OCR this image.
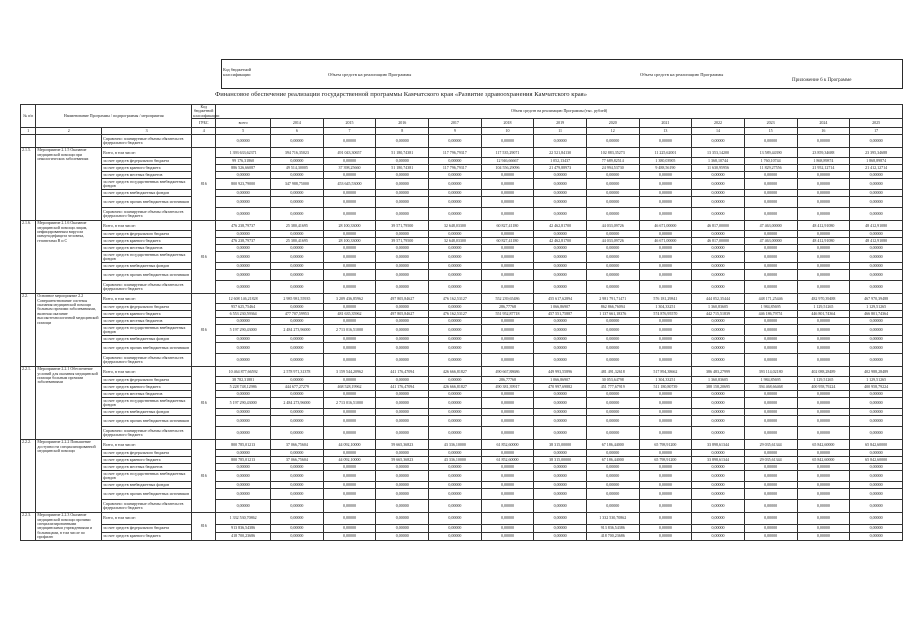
Код бюджетной классификации	Объем средств на реализацию Программы	Объем средств на реализацию Программы
Приложение 6 к Программе
Финансовое обеспечение реализации государственной программы Камчатского края «Развитие здравоохранения Камчатского края»
№ п/п	Наименование Программы / подпрограммы / мероприятия		Код бюджетной классификации	Объем средств на реализацию Программы (тыс. рублей)												
			ГРБС	всего	2014	2015	2016	2017	2018	2019	2020	2021	2022	2023	2024	2025
1	2	3	4	5	6	7	8	9	10	11	12	13	14	15	16	17
		Справочно: планируемые объемы обязательств федерального бюджета		0,00000	0,00000	0,00000	0,00000	0,00000	0,00000	0,00000	0,00000	0,00000	0,00000	0,00000	0,00000	0,00000
2.1.5.	Мероприятие 2.1.5 Оказание медицинской помощи при онкологических заболеваниях	Всего, в том числе:	816	1 393 633,62371	394 716,35023	491 043,30657	51 180,74381	117 796,79317	117 535,29071	22 521,84130	102 883,35273	11 225,62001	13 353,14200	13 589,44390	23 859,34688	23 395,34688
		за счет средств федерального бюджета		99 176,31860	0,00000	0,00000	0,00000	0,00000	12 946,66667	1 052,13437	77 689,82514	1 380,03905	1 368,10744	1 760,10744	1 868,89874	1 868,89874
		за счет средств краевого бюджета		886 526,66087	49 514,30005	37 398,25660	51 180,74381	117 796,79317	104 556,29096	21 479,88973	24 994,53730	9 488,56190	11 630,95956	11 829,27556	21 952,12714	21 412,12714
		за счет средств местных бюджетов		0,00000	0,00000	0,00000	0,00000	0,00000	0,00000	0,00000	0,00000	0,00000	0,00000	0,00000	0,00000	0,00000
		за счет средств государственных внебюджетных фондов		800 923,79000	347 988,75000	453 645,53000	0,00000	0,00000	0,00000	0,00000	0,00000	0,00000	0,00000	0,00000	0,00000	0,00000
		за счет средств внебюджетных фондов		0,00000	0,00000	0,00000	0,00000	0,00000	0,00000	0,00000	0,00000	0,00000	0,00000	0,00000	0,00000	0,00000
		за счет средств прочих внебюджетных источников		0,00000	0,00000	0,00000	0,00000	0,00000	0,00000	0,00000	0,00000	0,00000	0,00000	0,00000	0,00000	0,00000
		Справочно: планируемые объемы обязательств федерального бюджета		0,00000	0,00000	0,00000	0,00000	0,00000	0,00000	0,00000	0,00000	0,00000	0,00000	0,00000	0,00000	0,00000
2.1.6.	Мероприятие 2.1.6 Оказание медицинской помощи лицам, инфицированным вирусом иммунодефицита человека, гепатитами В и С	Всего, в том числе:	816	476 238,79737	25 380,41695	28 100,33000	39 571,79500	32 648,03300	60 827,41180	42 462,81700	44 033,09726	46 671,00000	46 817,00000	47 463,00000	48 412,91080	48 412,91080
		за счет средств федерального бюджета		0,00000	0,00000	0,00000	0,00000	0,00000	0,00000	0,00000	0,00000	0,00000	0,00000	0,00000	0,00000	0,00000
		за счет средств краевого бюджета		476 238,79737	25 380,41695	28 100,33000	39 571,79500	32 648,03300	60 827,41180	42 462,81700	44 033,09726	46 671,00000	46 817,00000	47 463,00000	48 412,91080	48 412,91080
		за счет средств местных бюджетов		0,00000	0,00000	0,00000	0,00000	0,00000	0,00000	0,00000	0,00000	0,00000	0,00000	0,00000	0,00000	0,00000
		за счет средств государственных внебюджетных фондов		0,00000	0,00000	0,00000	0,00000	0,00000	0,00000	0,00000	0,00000	0,00000	0,00000	0,00000	0,00000	0,00000
		за счет средств внебюджетных фондов		0,00000	0,00000	0,00000	0,00000	0,00000	0,00000	0,00000	0,00000	0,00000	0,00000	0,00000	0,00000	0,00000
		за счет средств прочих внебюджетных источников		0,00000	0,00000	0,00000	0,00000	0,00000	0,00000	0,00000	0,00000	0,00000	0,00000	0,00000	0,00000	0,00000
		Справочно: планируемые объемы обязательств федерального бюджета		0,00000	0,00000	0,00000	0,00000	0,00000	0,00000	0,00000	0,00000	0,00000	0,00000	0,00000	0,00000	0,00000
2.2.	Основное мероприятие 2.2 Совершенствование системы оказания медицинской помощи больным прочими заболеваниями, включая оказание высокотехнологичной медицинской помощи	Всего, в том числе:	816	12 608 146,21828	2 985 981,55935	3 209 436,85962	497 805,84627	476 162,53127	552 239,65486	455 617,62894	2 981 791,71471	576 181,29841	444 052,35444	448 171,25446	482 970,39488	467 970,39488
		за счет средств федерального бюджета		957 625,75464	0,00000	0,00000	0,00000	0,00000	286,77768	1 066,86907	862 866,76094	1 304,33251	1 360,83605	1 984,85695	1 129,51265	1 129,51265
		за счет средств краевого бюджета		6 553 230,59364	477 707,59953	481 635,35962	497 805,84627	476 162,53127	551 952,87718	457 551,75887	1 137 661,18376	574 876,95570	442 715,51839	446 186,79751	446 801,74364	466 801,74364
		за счет средств местных бюджетов		0,00000	0,00000	0,00000	0,00000	0,00000	0,00000	0,00000	0,00000	0,00000	0,00000	0,00000	0,00000	0,00000
		за счет средств государственных внебюджетных фондов		5 197 290,43000	2 484 273,96000	2 713 016,51000	0,00000	0,00000	0,00000	0,00000	0,00000	0,00000	0,00000	0,00000	0,00000	0,00000
		за счет средств внебюджетных фондов		0,00000	0,00000	0,00000	0,00000	0,00000	0,00000	0,00000	0,00000	0,00000	0,00000	0,00000	0,00000	0,00000
		за счет средств прочих внебюджетных источников		0,00000	0,00000	0,00000	0,00000	0,00000	0,00000	0,00000	0,00000	0,00000	0,00000	0,00000	0,00000	0,00000
		Справочно: планируемые объемы обязательств федерального бюджета		0,00000	0,00000	0,00000	0,00000	0,00000	0,00000	0,00000	0,00000	0,00000	0,00000	0,00000	0,00000	0,00000
2.2.1.	Мероприятие 2.2.1 Обеспечение условий для оказания медицинской помощи больным прочими заболеваниями	Всего, в том числе:	816	10 464 877,66592	2 578 971,31378	3 159 544,20962	441 176,47094	426 666,81827	490 667,88686	449 993,55896	481 491,32618	517 894,38662	386 483,27999	393 114,02180	402 088,28489	402 988,28489
		за счет средств федерального бюджета		38 782,31881	0,00000	0,00000	0,00000	0,00000	286,77768	1 066,86907	30 053,64798	1 304,33251	1 360,83605	1 984,85695	1 129,51265	1 129,51265
		за счет средств краевого бюджета		5 228 748,12986	444 677,27279	468 528,19962	441 176,47094	426 666,81827	490 381,39917	470 997,69882	451 777,67919	511 180,80739	388 158,20695	394 468,66468	400 958,79224	400 958,79224
		за счет средств местных бюджетов		0,00000	0,00000	0,00000	0,00000	0,00000	0,00000	0,00000	0,00000	0,00000	0,00000	0,00000	0,00000	0,00000
		за счет средств государственных внебюджетных фондов		5 197 290,43000	2 484 273,96000	2 713 016,51000	0,00000	0,00000	0,00000	0,00000	0,00000	0,00000	0,00000	0,00000	0,00000	0,00000
		за счет средств внебюджетных фондов		0,00000	0,00000	0,00000	0,00000	0,00000	0,00000	0,00000	0,00000	0,00000	0,00000	0,00000	0,00000	0,00000
		за счет средств прочих внебюджетных источников		0,00000	0,00000	0,00000	0,00000	0,00000	0,00000	0,00000	0,00000	0,00000	0,00000	0,00000	0,00000	0,00000
		Справочно: планируемые объемы обязательств федерального бюджета		0,00000	0,00000	0,00000	0,00000	0,00000	0,00000	0,00000	0,00000	0,00000	0,00000	0,00000	0,00000	0,00000
2.2.2.	Мероприятие 2.2.2 Повышение доступности специализированной медицинской помощи	Всего, в том числе:	816	800 785,01213	37 066,75604	44 092,10000	59 665,36823	43 336,10000	61 852,60000	38 315,00000	67 186,44000	65 798,91200	33 898,61344	29 035,61344	65 842,60000	65 842,60000
		за счет средств федерального бюджета		0,00000	0,00000	0,00000	0,00000	0,00000	0,00000	0,00000	0,00000	0,00000	0,00000	0,00000	0,00000	0,00000
		за счет средств краевого бюджета		800 785,01213	37 066,75604	44 092,10000	59 665,36823	43 336,10000	61 852,60000	38 315,00000	67 186,44000	65 798,91200	33 898,61344	29 035,61344	65 842,60000	65 842,60000
		за счет средств местных бюджетов		0,00000	0,00000	0,00000	0,00000	0,00000	0,00000	0,00000	0,00000	0,00000	0,00000	0,00000	0,00000	0,00000
		за счет средств государственных внебюджетных фондов		0,00000	0,00000	0,00000	0,00000	0,00000	0,00000	0,00000	0,00000	0,00000	0,00000	0,00000	0,00000	0,00000
		за счет средств внебюджетных фондов		0,00000	0,00000	0,00000	0,00000	0,00000	0,00000	0,00000	0,00000	0,00000	0,00000	0,00000	0,00000	0,00000
		за счет средств прочих внебюджетных источников		0,00000	0,00000	0,00000	0,00000	0,00000	0,00000	0,00000	0,00000	0,00000	0,00000	0,00000	0,00000	0,00000
		Справочно: планируемые объемы обязательств федерального бюджета		0,00000	0,00000	0,00000	0,00000	0,00000	0,00000	0,00000	0,00000	0,00000	0,00000	0,00000	0,00000	0,00000
2.2.3.	Мероприятие 2.2.3 Оказание медицинской помощи прочими специализированными медицинскими учреждениями и больницами, в том числе по профилю	Всего, в том числе:	816	1 332 530,70862	0,00000	0,00000	0,00000	0,00000	0,00000	0,00000	1 332 530,70862	0,00000	0,00000	0,00000	0,00000	0,00000
		за счет средств федерального бюджета		913 836,54386	0,00000	0,00000	0,00000	0,00000	0,00000	0,00000	913 836,54386	0,00000	0,00000	0,00000	0,00000	0,00000
		за счет средств краевого бюджета		418 700,23686	0,00000	0,00000	0,00000	0,00000	0,00000	0,00000	418 700,23686	0,00000	0,00000	0,00000	0,00000	0,00000
